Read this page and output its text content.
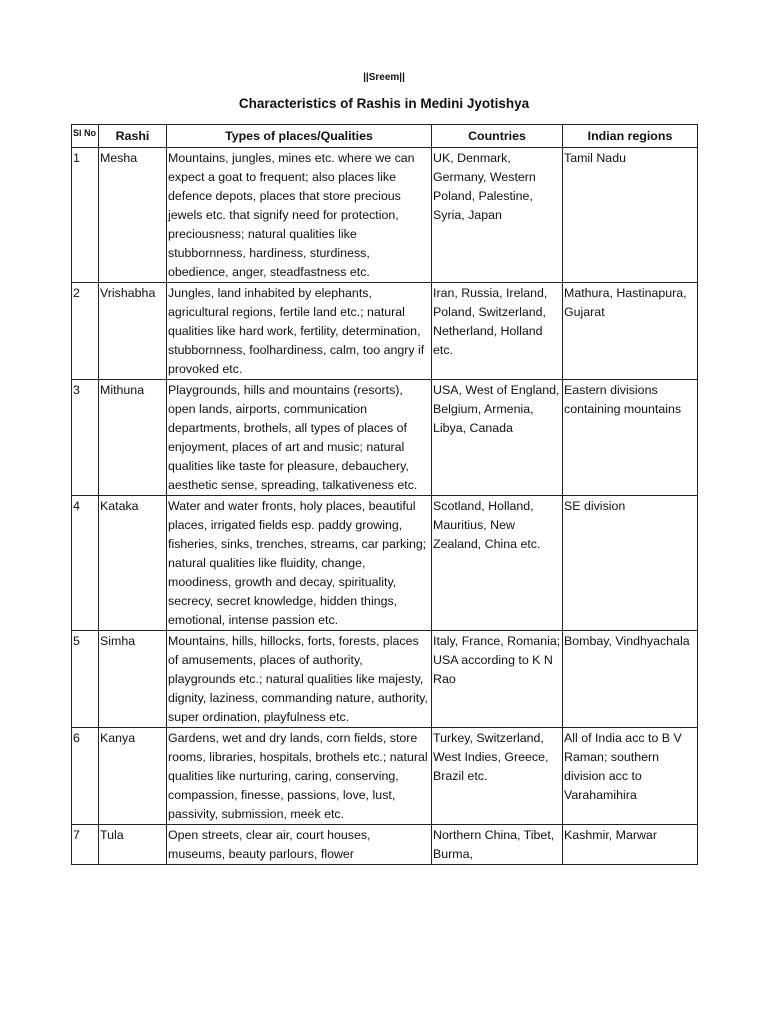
||Sreem||
Characteristics of Rashis in Medini Jyotishya
Sl No	Rashi	Types of places/Qualities	Countries	Indian regions
1	Mesha	Mountains, jungles, mines etc. where we can expect a goat to frequent; also places like defence depots, places that store precious jewels etc. that signify need for protection, preciousness; natural qualities like stubbornness, hardiness, sturdiness, obedience, anger, steadfastness etc.	UK, Denmark, Germany, Western Poland, Palestine, Syria, Japan	Tamil Nadu
2	Vrishabha	Jungles, land inhabited by elephants, agricultural regions, fertile land etc.; natural qualities like hard work, fertility, determination, stubbornness, foolhardiness, calm, too angry if provoked etc.	Iran, Russia, Ireland, Poland, Switzerland, Netherland, Holland etc.	Mathura, Hastinapura, Gujarat
3	Mithuna	Playgrounds, hills and mountains (resorts), open lands, airports, communication departments, brothels, all types of places of enjoyment, places of art and music; natural qualities like taste for pleasure, debauchery, aesthetic sense, spreading, talkativeness etc.	USA, West of England, Belgium, Armenia, Libya, Canada	Eastern divisions containing mountains
4	Kataka	Water and water fronts, holy places, beautiful places, irrigated fields esp. paddy growing, fisheries, sinks, trenches, streams, car parking; natural qualities like fluidity, change, moodiness, growth and decay, spirituality, secrecy, secret knowledge, hidden things, emotional, intense passion etc.	Scotland, Holland, Mauritius, New Zealand, China etc.	SE division
5	Simha	Mountains, hills, hillocks, forts, forests, places of amusements, places of authority, playgrounds etc.; natural qualities like majesty, dignity, laziness, commanding nature, authority, super ordination, playfulness etc.	Italy, France, Romania; USA according to K N Rao	Bombay, Vindhyachala
6	Kanya	Gardens, wet and dry lands, corn fields, store rooms, libraries, hospitals, brothels etc.; natural qualities like nurturing, caring, conserving, compassion, finesse, passions, love, lust, passivity, submission, meek etc.	Turkey, Switzerland, West Indies, Greece, Brazil etc.	All of India acc to B V Raman; southern division acc to Varahamihira
7	Tula	Open streets, clear air, court houses, museums, beauty parlours, flower	Northern China, Tibet, Burma,	Kashmir, Marwar
